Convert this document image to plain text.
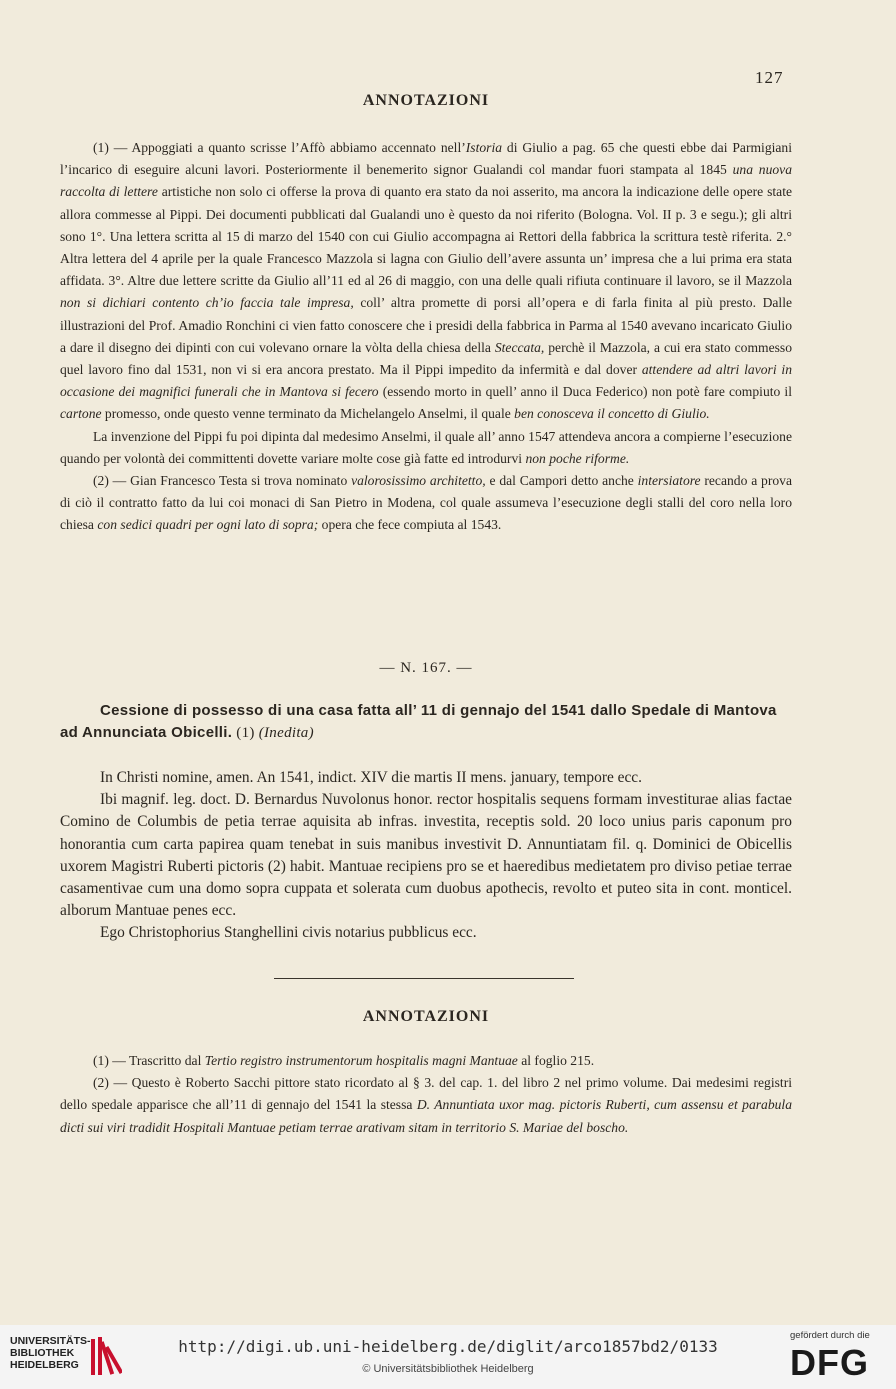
127
ANNOTAZIONI

(1) — Appoggiati a quanto scrisse l’Affò abbiamo accennato nell’Istoria di Giulio a pag. 65 che questi ebbe dai Parmigiani l’incarico di eseguire alcuni lavori. Posteriormente il benemerito signor Gualandi col mandar fuori stampata al 1845 una nuova raccolta di lettere artistiche non solo ci offerse la prova di quanto era stato da noi asserito, ma ancora la indicazione delle opere state allora commesse al Pippi. Dei documenti pubblicati dal Gualandi uno è questo da noi riferito (Bologna. Vol. II p. 3 e segu.); gli altri sono 1°. Una lettera scritta al 15 di marzo del 1540 con cui Giulio accompagna ai Rettori della fabbrica la scrittura testè riferita. 2.° Altra lettera del 4 aprile per la quale Francesco Mazzola si lagna con Giulio dell’avere assunta un’ impresa che a lui prima era stata affidata. 3°. Altre due lettere scritte da Giulio all’11 ed al 26 di maggio, con una delle quali rifiuta continuare il lavoro, se il Mazzola non si dichiari contento ch’io faccia tale impresa, coll’ altra promette di porsi all’opera e di farla finita al più presto. Dalle illustrazioni del Prof. Amadio Ronchini ci vien fatto conoscere che i presidi della fabbrica in Parma al 1540 avevano incaricato Giulio a dare il disegno dei dipinti con cui volevano ornare la vòlta della chiesa della Steccata, perchè il Mazzola, a cui era stato commesso quel lavoro fino dal 1531, non vi si era ancora prestato. Ma il Pippi impedito da infermità e dal dover attendere ad altri lavori in occasione dei magnifici funerali che in Mantova si fecero (essendo morto in quell’ anno il Duca Federico) non potè fare compiuto il cartone promesso, onde questo venne terminato da Michelangelo Anselmi, il quale ben conosceva il concetto di Giulio.

La invenzione del Pippi fu poi dipinta dal medesimo Anselmi, il quale all’ anno 1547 attendeva ancora a compierne l’esecuzione quando per volontà dei committenti dovette variare molte cose già fatte ed introdurvi non poche riforme.

(2) — Gian Francesco Testa si trova nominato valorosissimo architetto, e dal Campori detto anche intersiatore recando a prova di ciò il contratto fatto da lui coi monaci di San Pietro in Modena, col quale assumeva l’esecuzione degli stalli del coro nella loro chiesa con sedici quadri per ogni lato di sopra; opera che fece compiuta al 1543.

— N. 167. —

Cessione di possesso di una casa fatta all’ 11 di gennajo del 1541 dallo Spedale di Mantova ad Annunciata Obicelli. (1) (Inedita)

In Christi nomine, amen. An 1541, indict. XIV die martis II mens. january, tempore ecc.

Ibi magnif. leg. doct. D. Bernardus Nuvolonus honor. rector hospitalis sequens formam investiturae alias factae Comino de Columbis de petia terrae aquisita ab infras. investita, receptis sold. 20 loco unius paris caponum pro honorantia cum carta papirea quam tenebat in suis manibus investivit D. Annuntiatam fil. q. Dominici de Obicellis uxorem Magistri Ruberti pictoris (2) habit. Mantuae recipiens pro se et haeredibus medietatem pro diviso petiae terrae casamentivae cum una domo sopra cuppata et solerata cum duobus apothecis, revolto et puteo sita in cont. monticel. alborum Mantuae penes ecc.

Ego Christophorius Stanghellini civis notarius pubblicus ecc.

ANNOTAZIONI

(1) — Trascritto dal Tertio registro instrumentorum hospitalis magni Mantuae al foglio 215.

(2) — Questo è Roberto Sacchi pittore stato ricordato al § 3. del cap. 1. del libro 2 nel primo volume. Dai medesimi registri dello spedale apparisce che all’11 di gennajo del 1541 la stessa D. Annuntiata uxor mag. pictoris Ruberti, cum assensu et parabula dicti sui viri tradidit Hospitali Mantuae petiam terrae arativam sitam in territorio S. Mariae del boscho.

UNIVERSITÄTS-
BIBLIOTHEK
HEIDELBERG
http://digi.ub.uni-heidelberg.de/diglit/arco1857bd2/0133
© Universitätsbibliothek Heidelberg
gefördert durch die
DFG
